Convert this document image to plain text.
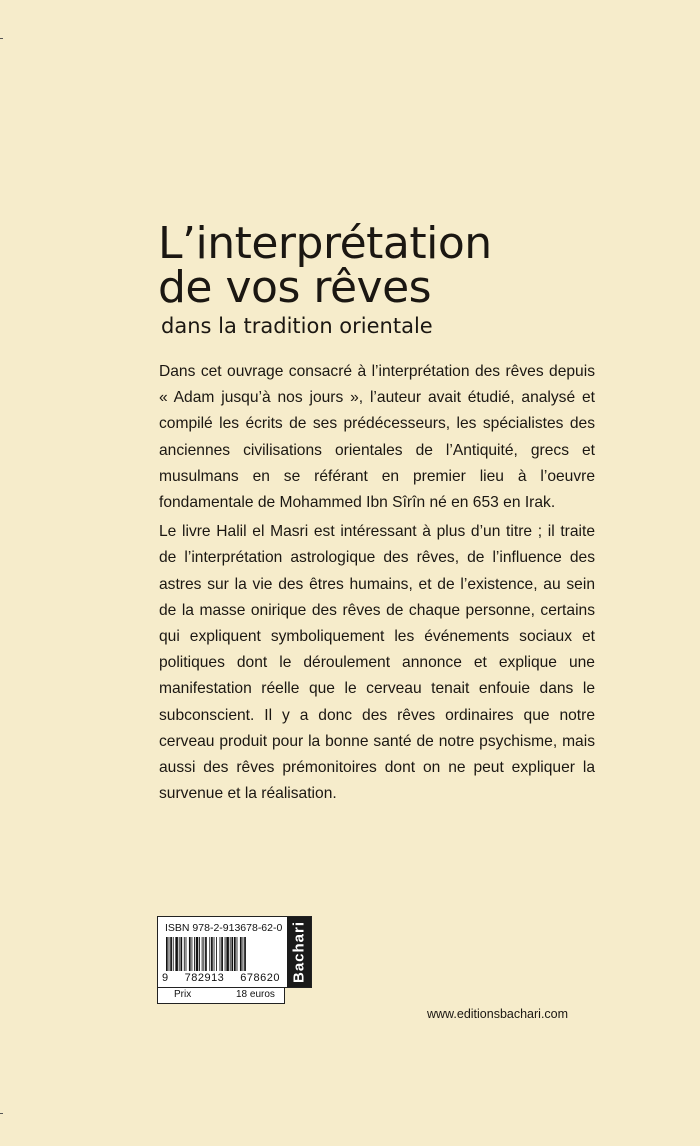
L’interprétation
de vos rêves
dans la tradition orientale

Dans cet ouvrage consacré à l’interprétation des rêves depuis « Adam jusqu’à nos jours », l’auteur avait étudié, analysé et compilé les écrits de ses prédécesseurs, les spécialistes des anciennes civilisations orientales de l’Antiquité, grecs et musulmans en se référant en premier lieu à l’oeuvre fondamentale de Mohammed Ibn Sîrîn né en 653 en Irak.

Le livre Halil el Masri est intéressant à plus d’un titre ; il traite de l’interprétation astrologique des rêves, de l’influence des astres sur la vie des êtres humains, et de l’existence, au sein de la masse onirique des rêves de chaque personne, certains qui expliquent symboliquement les événements sociaux et politiques dont le déroulement annonce et explique une manifestation réelle que le cerveau tenait enfouie dans le subconscient. Il y a donc des rêves ordinaires que notre cerveau produit pour la bonne santé de notre psychisme, mais aussi des rêves prémonitoires dont on ne peut expliquer la survenue et la réalisation.

ISBN 978-2-913678-62-0
9 782913 678620 Bachari
Prix	18 euros
www.editionsbachari.com
